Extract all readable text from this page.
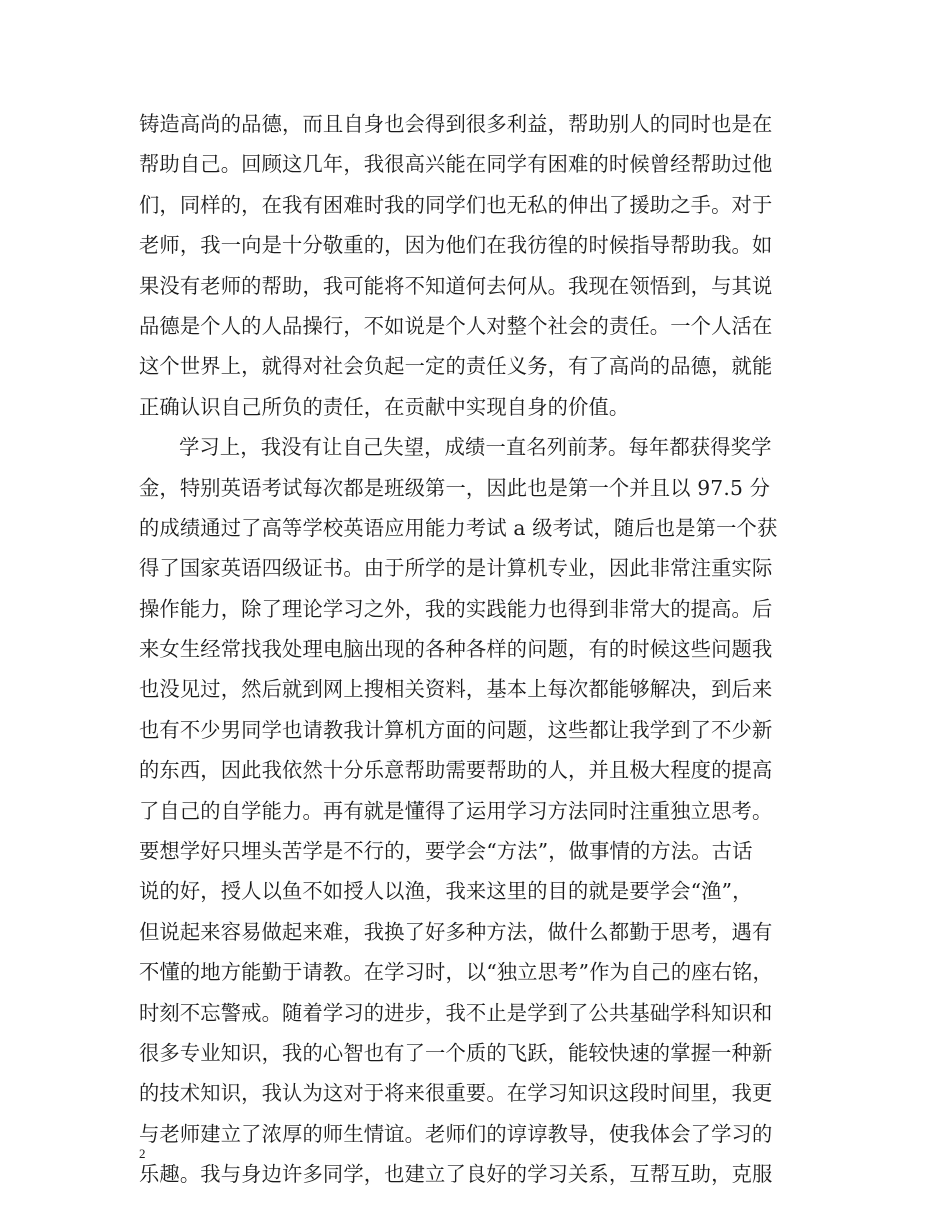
铸造高尚的品德，而且自身也会得到很多利益，帮助别人的同时也是在
帮助自己。回顾这几年，我很高兴能在同学有困难的时候曾经帮助过他
们，同样的，在我有困难时我的同学们也无私的伸出了援助之手。对于
老师，我一向是十分敬重的，因为他们在我彷徨的时候指导帮助我。如
果没有老师的帮助，我可能将不知道何去何从。我现在领悟到，与其说
品德是个人的人品操行，不如说是个人对整个社会的责任。一个人活在
这个世界上，就得对社会负起一定的责任义务，有了高尚的品德，就能
正确认识自己所负的责任，在贡献中实现自身的价值。
学习上，我没有让自己失望，成绩一直名列前茅。每年都获得奖学
金，特别英语考试每次都是班级第一，因此也是第一个并且以 97.5 分
的成绩通过了高等学校英语应用能力考试 a 级考试，随后也是第一个获
得了国家英语四级证书。由于所学的是计算机专业，因此非常注重实际
操作能力，除了理论学习之外，我的实践能力也得到非常大的提高。后
来女生经常找我处理电脑出现的各种各样的问题，有的时候这些问题我
也没见过，然后就到网上搜相关资料，基本上每次都能够解决，到后来
也有不少男同学也请教我计算机方面的问题，这些都让我学到了不少新
的东西，因此我依然十分乐意帮助需要帮助的人，并且极大程度的提高
了自己的自学能力。再有就是懂得了运用学习方法同时注重独立思考。
要想学好只埋头苦学是不行的，要学会“方法”，做事情的方法。古话
说的好，授人以鱼不如授人以渔，我来这里的目的就是要学会“渔”，
但说起来容易做起来难，我换了好多种方法，做什么都勤于思考，遇有
不懂的地方能勤于请教。在学习时，以“独立思考”作为自己的座右铭，
时刻不忘警戒。随着学习的进步，我不止是学到了公共基础学科知识和
很多专业知识，我的心智也有了一个质的飞跃，能较快速的掌握一种新
的技术知识，我认为这对于将来很重要。在学习知识这段时间里，我更
与老师建立了浓厚的师生情谊。老师们的谆谆教导，使我体会了学习的
乐趣。我与身边许多同学，也建立了良好的学习关系，互帮互助，克服
2
